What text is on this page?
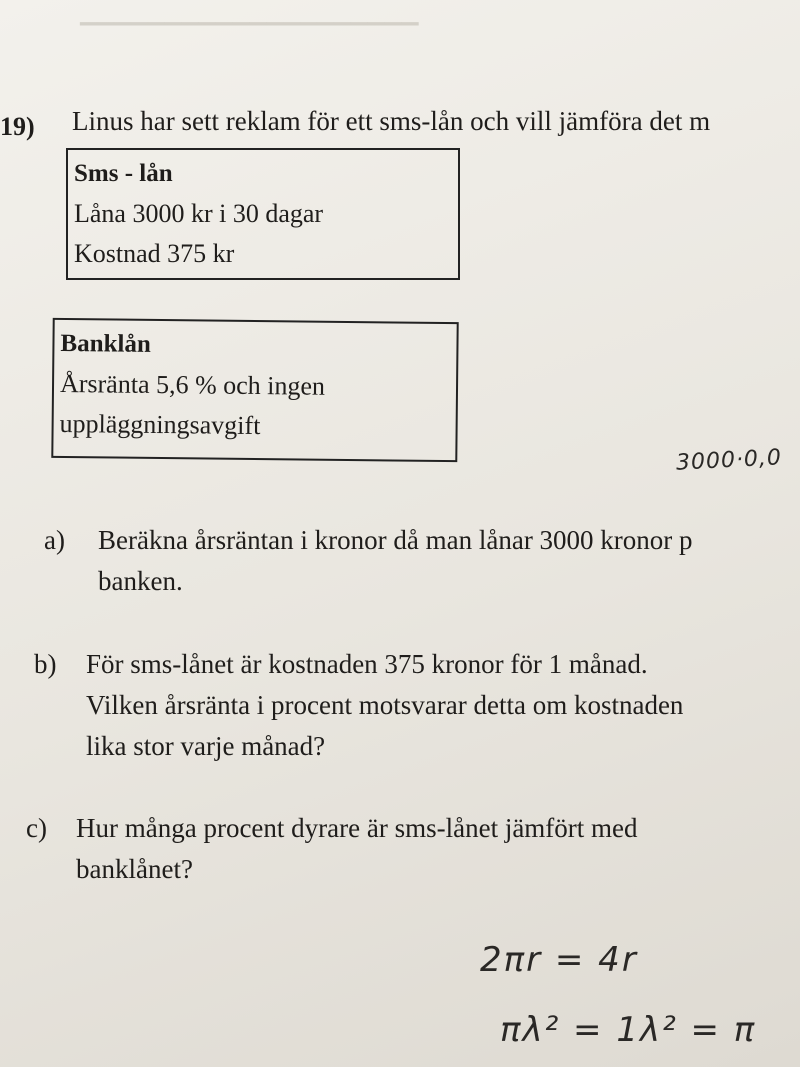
▁▁▁▁▁▁▁▁▁▁▁▁▁▁▁▁▁▁▁▁
19) Linus har sett reklam för ett sms-lån och vill jämföra det m
Sms - lån
Låna 3000 kr i 30 dagar
Kostnad 375 kr
Banklån
Årsränta 5,6 % och ingen
uppläggningsavgift
3000·0,0
a) Beräkna årsräntan i kronor då man lånar 3000 kronor p
banken.
b) För sms-lånet är kostnaden 375 kronor för 1 månad.
Vilken årsränta i procent motsvarar detta om kostnaden
lika stor varje månad?
c) Hur många procent dyrare är sms-lånet jämfört med
banklånet?
2πr = 4r
πλ² = 1λ² = π
